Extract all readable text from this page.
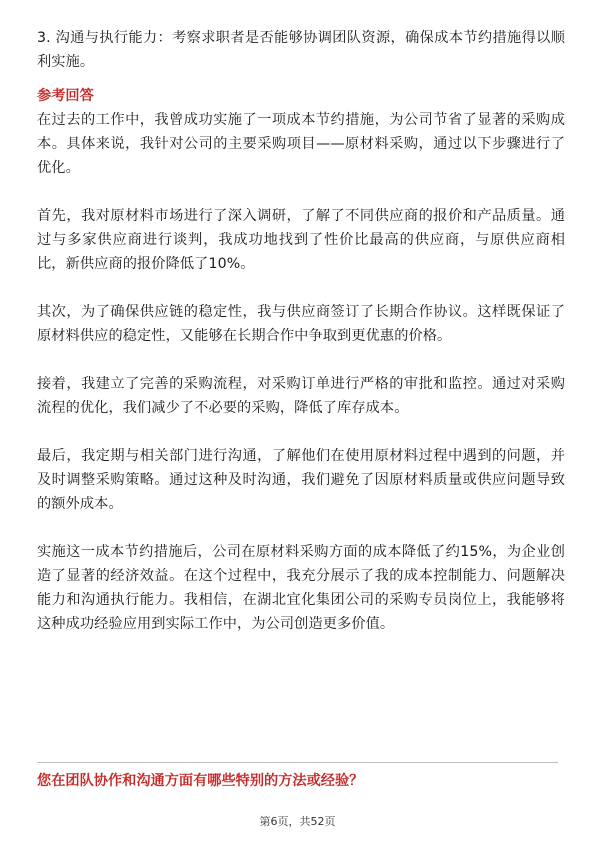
3. 沟通与执行能力：考察求职者是否能够协调团队资源，确保成本节约措施得以顺利实施。

参考回答

在过去的工作中，我曾成功实施了一项成本节约措施，为公司节省了显著的采购成本。具体来说，我针对公司的主要采购项目——原材料采购，通过以下步骤进行了优化。

首先，我对原材料市场进行了深入调研，了解了不同供应商的报价和产品质量。通过与多家供应商进行谈判，我成功地找到了性价比最高的供应商，与原供应商相比，新供应商的报价降低了10%。

其次，为了确保供应链的稳定性，我与供应商签订了长期合作协议。这样既保证了原材料供应的稳定性，又能够在长期合作中争取到更优惠的价格。

接着，我建立了完善的采购流程，对采购订单进行严格的审批和监控。通过对采购流程的优化，我们减少了不必要的采购，降低了库存成本。

最后，我定期与相关部门进行沟通，了解他们在使用原材料过程中遇到的问题，并及时调整采购策略。通过这种及时沟通，我们避免了因原材料质量或供应问题导致的额外成本。

实施这一成本节约措施后，公司在原材料采购方面的成本降低了约15%，为企业创造了显著的经济效益。在这个过程中，我充分展示了我的成本控制能力、问题解决能力和沟通执行能力。我相信，在湖北宜化集团公司的采购专员岗位上，我能够将这种成功经验应用到实际工作中，为公司创造更多价值。

您在团队协作和沟通方面有哪些特别的方法或经验？

第6页，共52页
